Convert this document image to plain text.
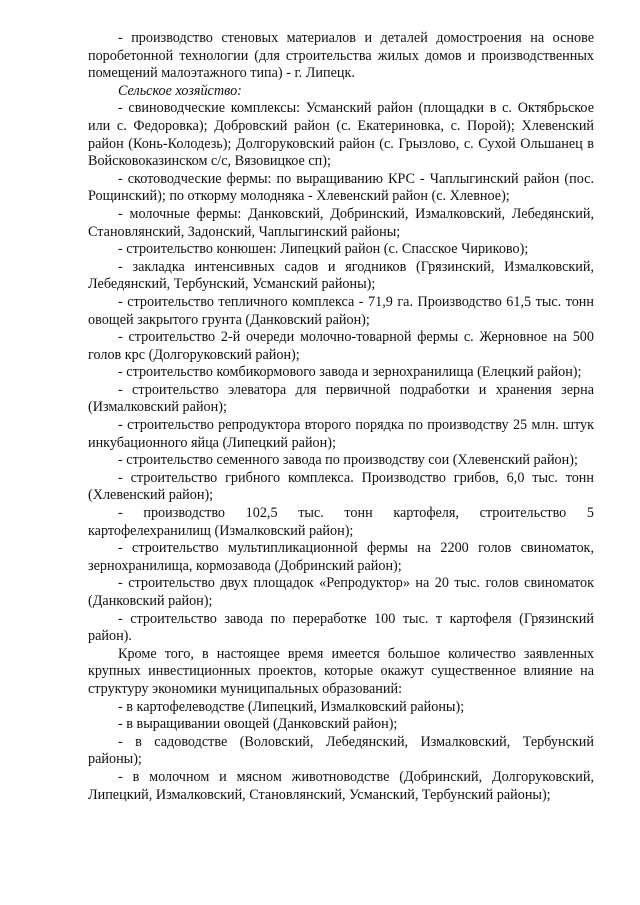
- производство стеновых материалов и деталей домостроения на основе поробетонной технологии (для строительства жилых домов и производственных помещений малоэтажного типа) - г. Липецк.

Сельское хозяйство:

- свиноводческие комплексы: Усманский район (площадки в с. Октябрьское или с. Федоровка); Добровский район (с. Екатериновка, с. Порой); Хлевенский район (Конь-Колодезь); Долгоруковский район (с. Грызлово, с. Сухой Ольшанец в Войсковоказинском с/с, Вязовицкое сп);

- скотоводческие фермы: по выращиванию КРС - Чаплыгинский район (пос. Рощинский); по откорму молодняка - Хлевенский район (с. Хлевное);

- молочные фермы: Данковский, Добринский, Измалковский, Лебедянский, Становлянский, Задонский, Чаплыгинский районы;

- строительство конюшен: Липецкий район (с. Спасское Чириково);

- закладка интенсивных садов и ягодников (Грязинский, Измалковский, Лебедянский, Тербунский, Усманский районы);

- строительство тепличного комплекса - 71,9 га. Производство 61,5 тыс. тонн овощей закрытого грунта (Данковский район);

- строительство 2-й очереди молочно-товарной фермы с. Жерновное на 500 голов крс (Долгоруковский район);

- строительство комбикормового завода и зернохранилища (Елецкий район);

- строительство элеватора для первичной подработки и хранения зерна (Измалковский район);

- строительство репродуктора второго порядка по производству 25 млн. штук инкубационного яйца (Липецкий район);

- строительство семенного завода по производству сои (Хлевенский район);

- строительство грибного комплекса. Производство грибов, 6,0 тыс. тонн (Хлевенский район);

- производство 102,5 тыс. тонн картофеля, строительство 5 картофелехранилищ (Измалковский район);

- строительство мультипликационной фермы на 2200 голов свиноматок, зернохранилища, кормозавода (Добринский район);

- строительство двух площадок «Репродуктор» на 20 тыс. голов свиноматок (Данковский район);

- строительство завода по переработке 100 тыс. т картофеля (Грязинский район).

Кроме того, в настоящее время имеется большое количество заявленных крупных инвестиционных проектов, которые окажут существенное влияние на структуру экономики муниципальных образований:

- в картофелеводстве (Липецкий, Измалковский районы);

- в выращивании овощей (Данковский район);

- в садоводстве (Воловский, Лебедянский, Измалковский, Тербунский районы);

- в молочном и мясном животноводстве (Добринский, Долгоруковский, Липецкий, Измалковский, Становлянский, Усманский, Тербунский районы);
